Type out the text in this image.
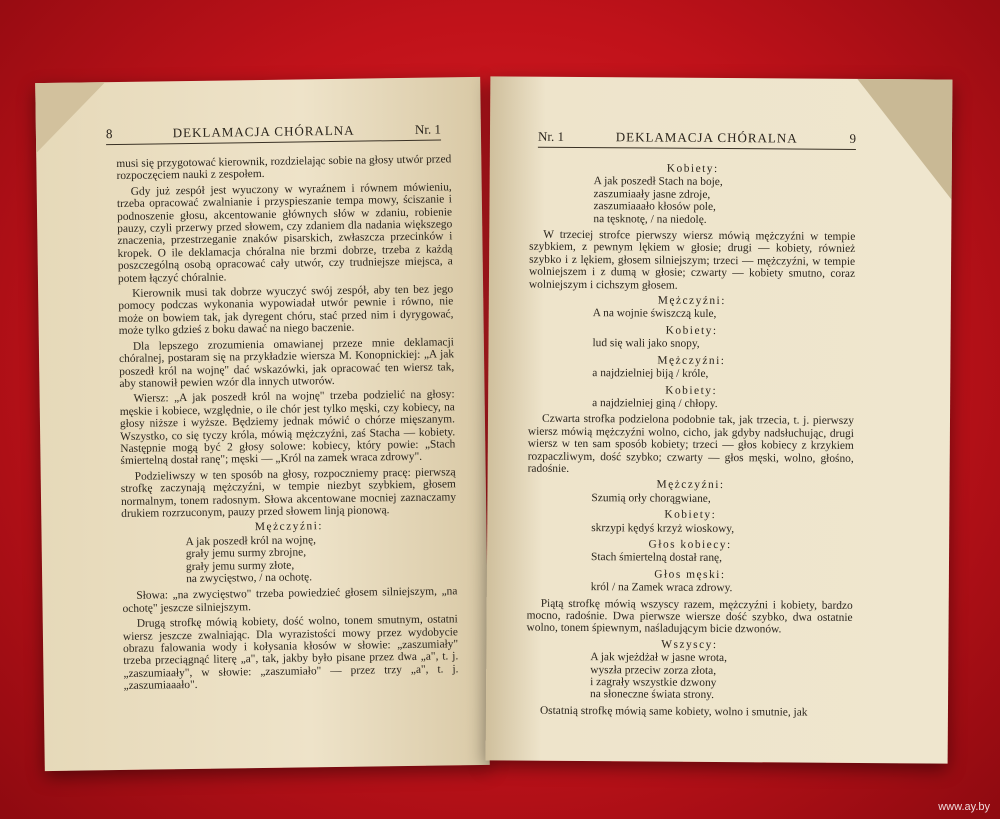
8	DEKLAMACJA CHÓRALNA	Nr. 1

musi się przygotować kierownik, rozdzielając sobie na głosy utwór przed rozpoczęciem nauki z zespołem.

Gdy już zespół jest wyuczony w wyraźnem i równem mówieniu, trzeba opracować zwalnianie i przyspieszanie tempa mowy, ściszanie i podnoszenie głosu, akcentowanie głównych słów w zdaniu, robienie pauzy, czyli przerwy przed słowem, czy zdaniem dla nadania większego znaczenia, przestrzeganie znaków pisarskich, zwłaszcza przecinków i kropek. O ile deklamacja chóralna nie brzmi dobrze, trzeba z każdą poszczególną osobą opracować cały utwór, czy trudniejsze miejsca, a potem łączyć chóralnie.

Kierownik musi tak dobrze wyuczyć swój zespół, aby ten bez jego pomocy podczas wykonania wypowiadał utwór pewnie i równo, nie może on bowiem tak, jak dyregent chóru, stać przed nim i dyrygować, może tylko gdzieś z boku dawać na niego baczenie.

Dla lepszego zrozumienia omawianej przeze mnie deklamacji chóralnej, postaram się na przykładzie wiersza M. Konopnickiej: „A jak poszedł król na wojnę" dać wskazówki, jak opracować ten wiersz tak, aby stanowił pewien wzór dla innych utworów.

Wiersz: „A jak poszedł król na wojnę" trzeba podzielić na głosy: męskie i kobiece, względnie, o ile chór jest tylko męski, czy kobiecy, na głosy niższe i wyższe. Będziemy jednak mówić o chórze mięszanym. Wszystko, co się tyczy króla, mówią mężczyźni, zaś Stacha — kobiety. Następnie mogą być 2 głosy solowe: kobiecy, który powie: „Stach śmiertelną dostał ranę"; męski — „Król na zamek wraca zdrowy".

Podzieliwszy w ten sposób na głosy, rozpoczniemy pracę: pierwszą strofkę zaczynają mężczyźni, w tempie niezbyt szybkiem, głosem normalnym, tonem radosnym. Słowa akcentowane mocniej zaznaczamy drukiem rozrzuconym, pauzy przed słowem linją pionową.

Mężczyźni:
A jak poszedł król na wojnę,
grały jemu surmy zbrojne,
grały jemu surmy złote,
na zwycięstwo, / na ochotę.

Słowa: „na zwycięstwo" trzeba powiedzieć głosem silniejszym, „na ochotę" jeszcze silniejszym.

Drugą strofkę mówią kobiety, dość wolno, tonem smutnym, ostatni wiersz jeszcze zwalniając. Dla wyrazistości mowy przez wydobycie obrazu falowania wody i kołysania kłosów w słowie: „zaszumiały" trzeba przeciągnąć literę „a", tak, jakby było pisane przez dwa „a", t. j. „zaszumiaały", w słowie: „zaszumiało" — przez trzy „a", t. j. „zaszumiaaało".

Nr. 1	DEKLAMACJA CHÓRALNA	9
Kobiety:
A jak poszedł Stach na boje,
zaszumiaały jasne zdroje,
zaszumiaaało kłosów pole,
na tęsknotę, / na niedolę.

W trzeciej strofce pierwszy wiersz mówią mężczyźni w tempie szybkiem, z pewnym lękiem w głosie; drugi — kobiety, również szybko i z lękiem, głosem silniejszym; trzeci — mężczyźni, w tempie wolniejszem i z dumą w głosie; czwarty — kobiety smutno, coraz wolniejszym i cichszym głosem.

Mężczyźni:
A na wojnie świszczą kule,
Kobiety:
lud się wali jako snopy,
Mężczyźni:
a najdzielniej biją / króle,
Kobiety:
a najdzielniej giną / chłopy.

Czwarta strofka podzielona podobnie tak, jak trzecia, t. j. pierwszy wiersz mówią mężczyźni wolno, cicho, jak gdyby nadsłuchując, drugi wiersz w ten sam sposób kobiety; trzeci — głos kobiecy z krzykiem rozpaczliwym, dość szybko; czwarty — głos męski, wolno, głośno, radośnie.

Mężczyźni:
Szumią orły chorągwiane,
Kobiety:
skrzypi kędyś krzyż wioskowy,
Głos kobiecy:
Stach śmiertelną dostał ranę,
Głos męski:
król / na Zamek wraca zdrowy.

Piątą strofkę mówią wszyscy razem, mężczyźni i kobiety, bardzo mocno, radośnie. Dwa pierwsze wiersze dość szybko, dwa ostatnie wolno, tonem śpiewnym, naśladującym bicie dzwonów.

Wszyscy:
A jak wjeżdżał w jasne wrota,
wyszła przeciw zorza złota,
i zagrały wszystkie dzwony
na słoneczne świata strony.

Ostatnią strofkę mówią same kobiety, wolno i smutnie, jak

www.ay.by
